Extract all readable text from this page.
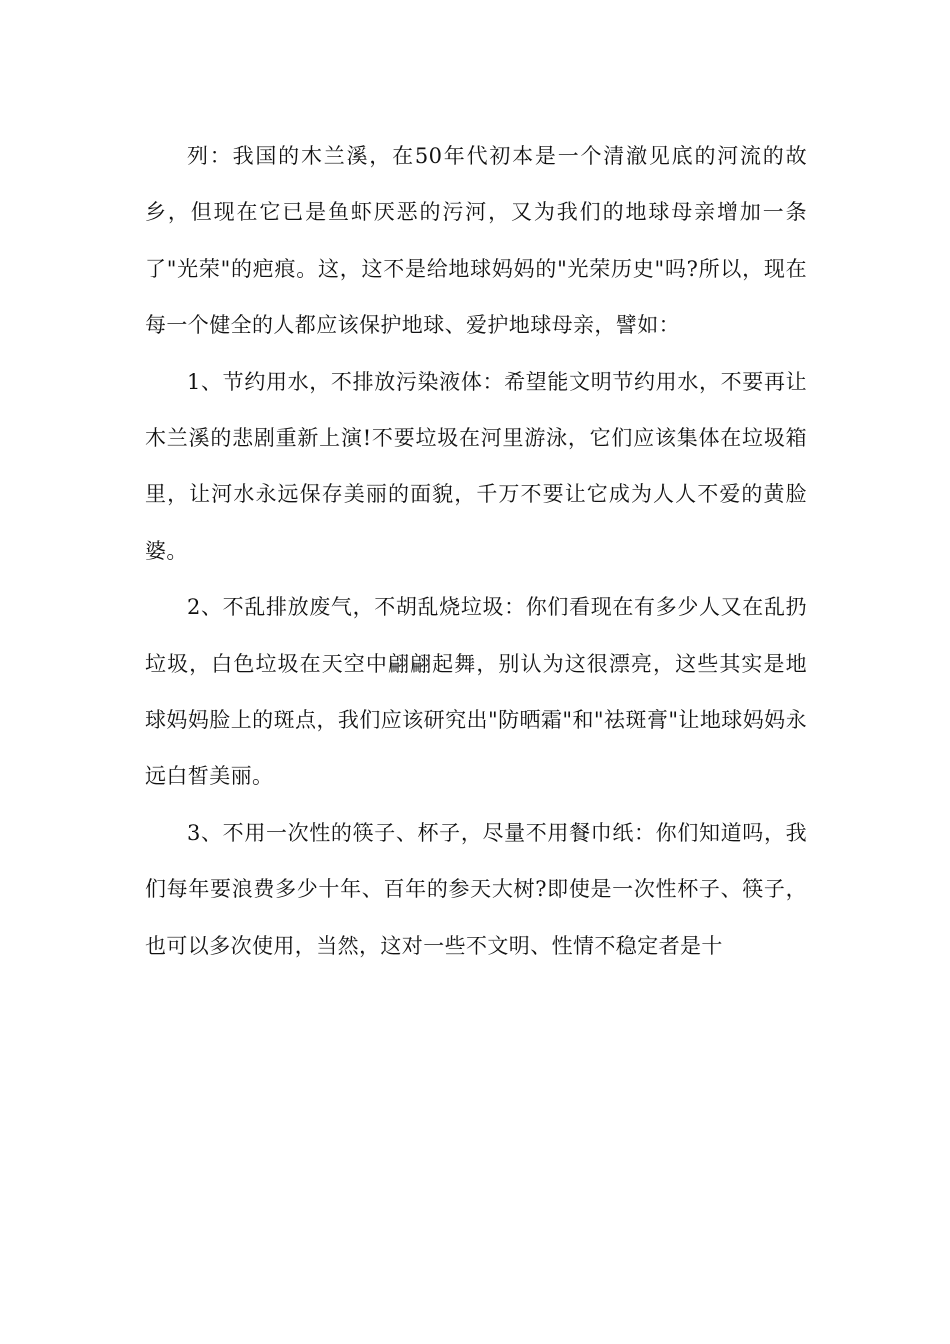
列：我国的木兰溪，在50年代初本是一个清澈见底的河流的故乡，但现在它已是鱼虾厌恶的污河，又为我们的地球母亲增加一条了"光荣"的疤痕。这，这不是给地球妈妈的"光荣历史"吗?所以，现在每一个健全的人都应该保护地球、爱护地球母亲，譬如：

1、节约用水，不排放污染液体：希望能文明节约用水，不要再让木兰溪的悲剧重新上演!不要垃圾在河里游泳，它们应该集体在垃圾箱里，让河水永远保存美丽的面貌，千万不要让它成为人人不爱的黄脸婆。

2、不乱排放废气，不胡乱烧垃圾：你们看现在有多少人又在乱扔垃圾，白色垃圾在天空中翩翩起舞，别认为这很漂亮，这些其实是地球妈妈脸上的斑点，我们应该研究出"防晒霜"和"祛斑膏"让地球妈妈永远白皙美丽。

3、不用一次性的筷子、杯子，尽量不用餐巾纸：你们知道吗，我们每年要浪费多少十年、百年的参天大树?即使是一次性杯子、筷子，也可以多次使用，当然，这对一些不文明、性情不稳定者是十
